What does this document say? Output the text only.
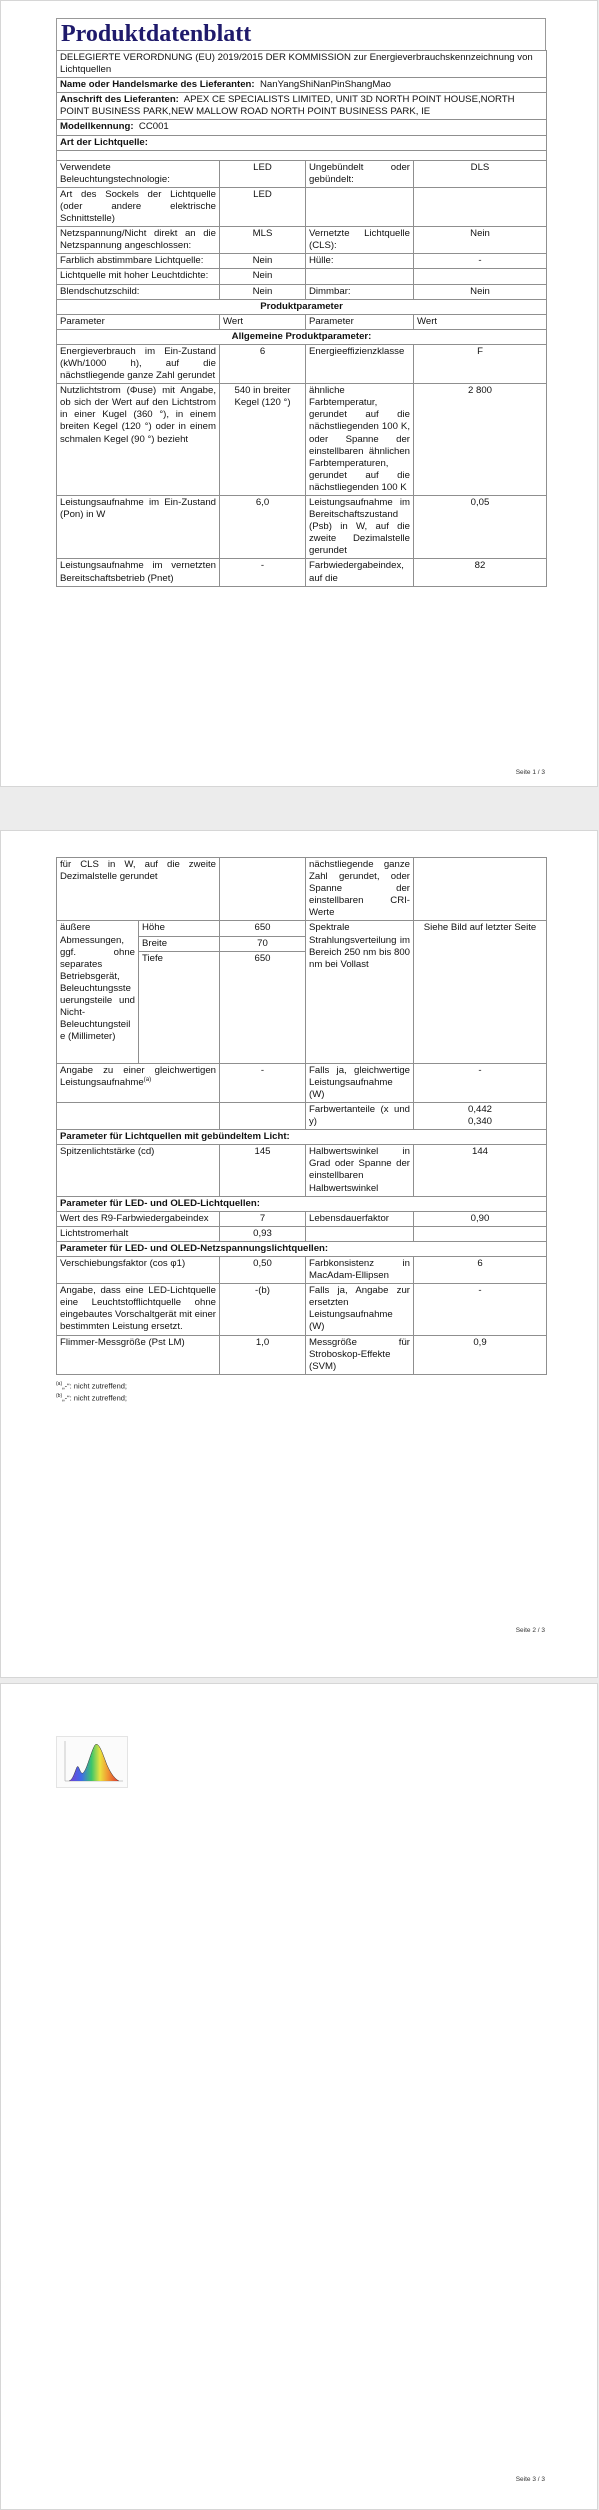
Produktdatenblatt
DELEGIERTE VERORDNUNG (EU) 2019/2015 DER KOMMISSION zur Energieverbrauchskennzeichnung von Lichtquellen			
Name oder Handelsmarke des Lieferanten: NanYangShiNanPinShangMao			
Anschrift des Lieferanten: APEX CE SPECIALISTS LIMITED, UNIT 3D NORTH POINT HOUSE,NORTH POINT BUSINESS PARK,NEW MALLOW ROAD NORTH POINT BUSINESS PARK, IE			
Modellkennung: CC001			
Art der Lichtquelle:			

Verwendete Beleuchtungstechnologie:	LED	Ungebündelt oder gebündelt:	DLS
Art des Sockels der Lichtquelle (oder andere elektrische Schnittstelle)	LED		
Netzspannung/Nicht direkt an die Netzspannung angeschlossen:	MLS	Vernetzte Lichtquelle (CLS):	Nein
Farblich abstimmbare Lichtquelle:	Nein	Hülle:	-
Lichtquelle mit hoher Leuchtdichte:	Nein		
Blendschutzschild:	Nein	Dimmbar:	Nein
Produktparameter			
Parameter	Wert	Parameter	Wert
Allgemeine Produktparameter:			
Energieverbrauch im Ein-Zustand (kWh/1000 h), auf die nächstliegende ganze Zahl gerundet	6	Energieeffizienzklasse	F
Nutzlichtstrom (Φuse) mit Angabe, ob sich der Wert auf den Lichtstrom in einer Kugel (360 °), in einem breiten Kegel (120 °) oder in einem schmalen Kegel (90 °) bezieht	540 in breiter Kegel (120 °)	ähnliche Farbtemperatur, gerundet auf die nächstliegenden 100 K, oder Spanne der einstellbaren ähnlichen Farbtemperaturen, gerundet auf die nächstliegenden 100 K	2 800
Leistungsaufnahme im Ein-Zustand (Pon) in W	6,0	Leistungsaufnahme im Bereitschaftszustand (Psb) in W, auf die zweite Dezimalstelle gerundet	0,05
Leistungsaufnahme im vernetzten Bereitschaftsbetrieb (Pnet)	-	Farbwiedergabeindex, auf die	82
Seite 1 / 3
für CLS in W, auf die zweite Dezimalstelle gerundet			nächstliegende ganze Zahl gerundet, oder Spanne der einstellbaren CRI-Werte	
äußere Abmessungen, ggf. ohne separates Betriebsgerät, Beleuchtungssteuerungsteile und Nicht-Beleuchtungsteile (Millimeter)	Höhe	650	Spektrale Strahlungsverteilung im Bereich 250 nm bis 800 nm bei Vollast	Siehe Bild auf letzter Seite
	Breite	70		
	Tiefe	650		
Angabe zu einer gleichwertigen Leistungsaufnahme$^{(a)}$		-	Falls ja, gleichwertige Leistungsaufnahme (W)	-
			Farbwertanteile (x und y)	0,442
0,340

Parameter für Lichtquellen mit gebündeltem Licht:				
Spitzenlichtstärke (cd)		145	Halbwertswinkel in Grad oder Spanne der einstellbaren Halbwertswinkel	144
Parameter für LED- und OLED-Lichtquellen:				
Wert des R9-Farbwiedergabeindex		7	Lebensdauerfaktor	0,90
Lichtstromerhalt		0,93		
Parameter für LED- und OLED-Netzspannungslichtquellen:				
Verschiebungsfaktor (cos φ1)		0,50	Farbkonsistenz in MacAdam-Ellipsen	6
Angabe, dass eine LED-Lichtquelle eine Leuchtstofflichtquelle ohne eingebautes Vorschaltgerät mit einer bestimmten Leistung ersetzt.		-(b)	Falls ja, Angabe zur ersetzten Leistungsaufnahme (W)	-
Flimmer-Messgröße (Pst LM)		1,0	Messgröße für Stroboskop-Effekte (SVM)	0,9
$^{(a)}$„-“: nicht zutreffend;
$^{(b)}$„-“: nicht zutreffend;
Seite 2 / 3
Seite 3 / 3
